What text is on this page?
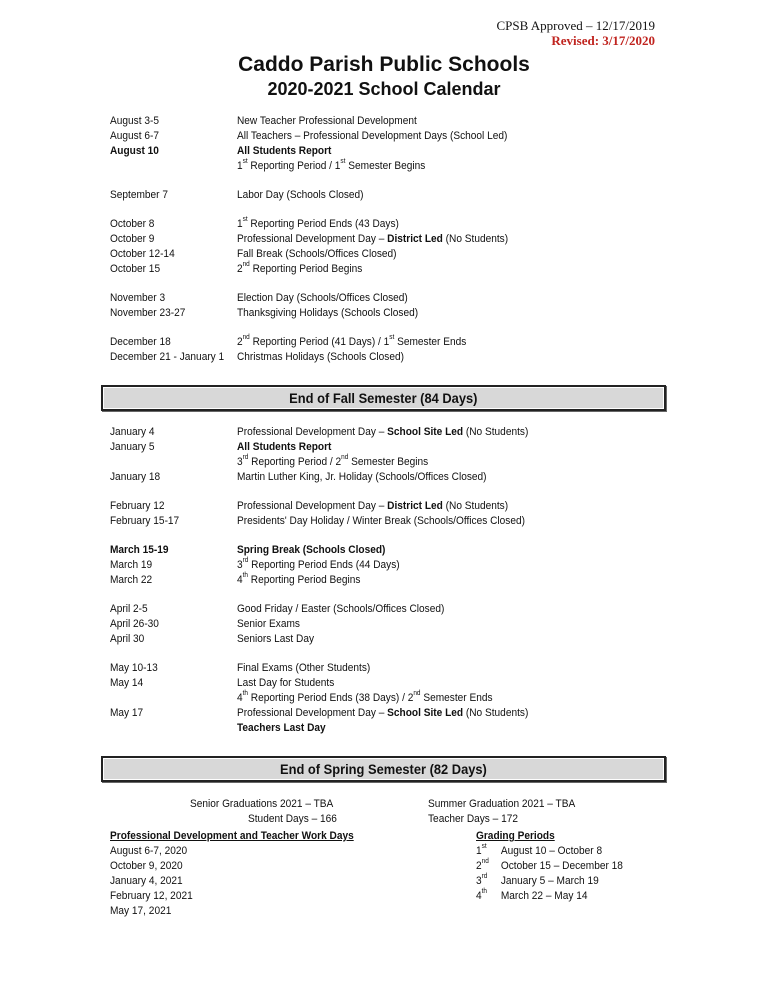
CPSB Approved – 12/17/2019
Revised: 3/17/2020
Caddo Parish Public Schools
2020-2021 School Calendar
August 3-5	New Teacher Professional Development
August 6-7	All Teachers – Professional Development Days (School Led)
August 10	All Students Report
1st Reporting Period / 1st Semester Begins
September 7	Labor Day (Schools Closed)
October 8	1st Reporting Period Ends (43 Days)
October 9	Professional Development Day – District Led (No Students)
October 12-14	Fall Break (Schools/Offices Closed)
October 15	2nd Reporting Period Begins
November 3	Election Day (Schools/Offices Closed)
November 23-27	Thanksgiving Holidays (Schools Closed)
December 18	2nd Reporting Period (41 Days) / 1st Semester Ends
December 21 - January 1	Christmas Holidays (Schools Closed)
End of Fall Semester (84 Days)
January 4	Professional Development Day – School Site Led (No Students)
January 5	All Students Report
3rd Reporting Period / 2nd Semester Begins
January 18	Martin Luther King, Jr. Holiday (Schools/Offices Closed)
February 12	Professional Development Day – District Led (No Students)
February 15-17	Presidents' Day Holiday / Winter Break (Schools/Offices Closed)
March 15-19	Spring Break (Schools Closed)
March 19	3rd Reporting Period Ends (44 Days)
March 22	4th Reporting Period Begins
April 2-5	Good Friday / Easter (Schools/Offices Closed)
April 26-30	Senior Exams
April 30	Seniors Last Day
May 10-13	Final Exams (Other Students)
May 14	Last Day for Students
4th Reporting Period Ends (38 Days) / 2nd Semester Ends
May 17	Professional Development Day – School Site Led (No Students)
Teachers Last Day
End of Spring Semester (82 Days)
Senior Graduations 2021 – TBA
Student Days – 166
Summer Graduation 2021 – TBA
Teacher Days – 172
Professional Development and Teacher Work Days
August 6-7, 2020
October 9, 2020
January 4, 2021
February 12, 2021
May 17, 2021
Grading Periods
1st	August 10 – October 8
2nd	October 15 – December 18
3rd	January 5 – March 19
4th	March 22 – May 14
